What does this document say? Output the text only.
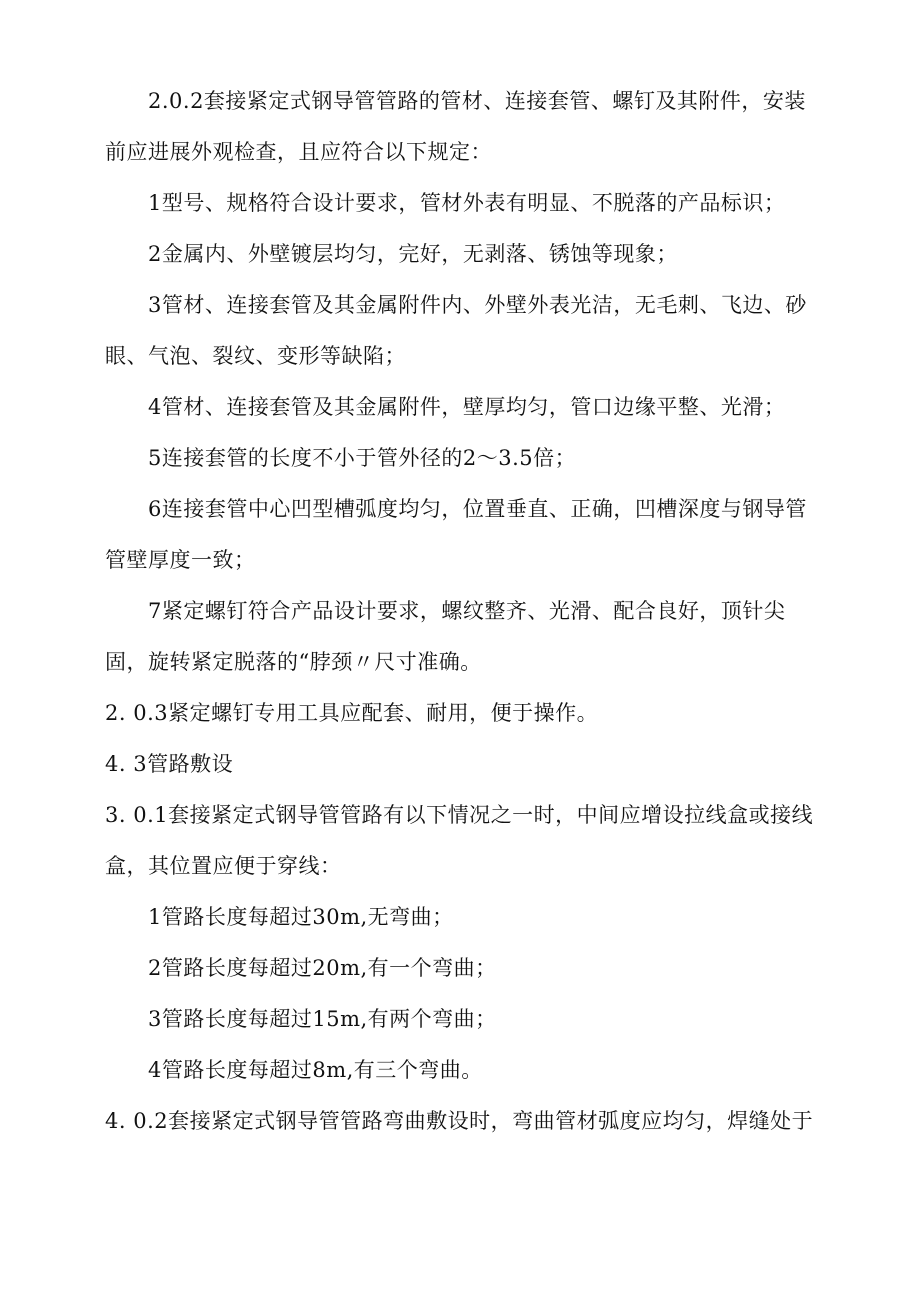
2.0.2套接紧定式钢导管管路的管材、连接套管、螺钉及其附件，安装
前应进展外观检查，且应符合以下规定：
1型号、规格符合设计要求，管材外表有明显、不脱落的产品标识；
2金属内、外壁镀层均匀，完好，无剥落、锈蚀等现象；
3管材、连接套管及其金属附件内、外壁外表光洁，无毛刺、飞边、砂
眼、气泡、裂纹、变形等缺陷；
4管材、连接套管及其金属附件，壁厚均匀，管口边缘平整、光滑；
5连接套管的长度不小于管外径的2～3.5倍；
6连接套管中心凹型槽弧度均匀，位置垂直、正确，凹槽深度与钢导管
管壁厚度一致；
7紧定螺钉符合产品设计要求，螺纹整齐、光滑、配合良好，顶针尖
固，旋转紧定脱落的“脖颈〃尺寸准确。
2. 0.3紧定螺钉专用工具应配套、耐用，便于操作。
4. 3管路敷设
3. 0.1套接紧定式钢导管管路有以下情况之一时，中间应增设拉线盒或接线
盒，其位置应便于穿线：
1管路长度每超过30m,无弯曲；
2管路长度每超过20m,有一个弯曲；
3管路长度每超过15m,有两个弯曲；
4管路长度每超过8m,有三个弯曲。
4. 0.2套接紧定式钢导管管路弯曲敷设时，弯曲管材弧度应均匀，焊缝处于
